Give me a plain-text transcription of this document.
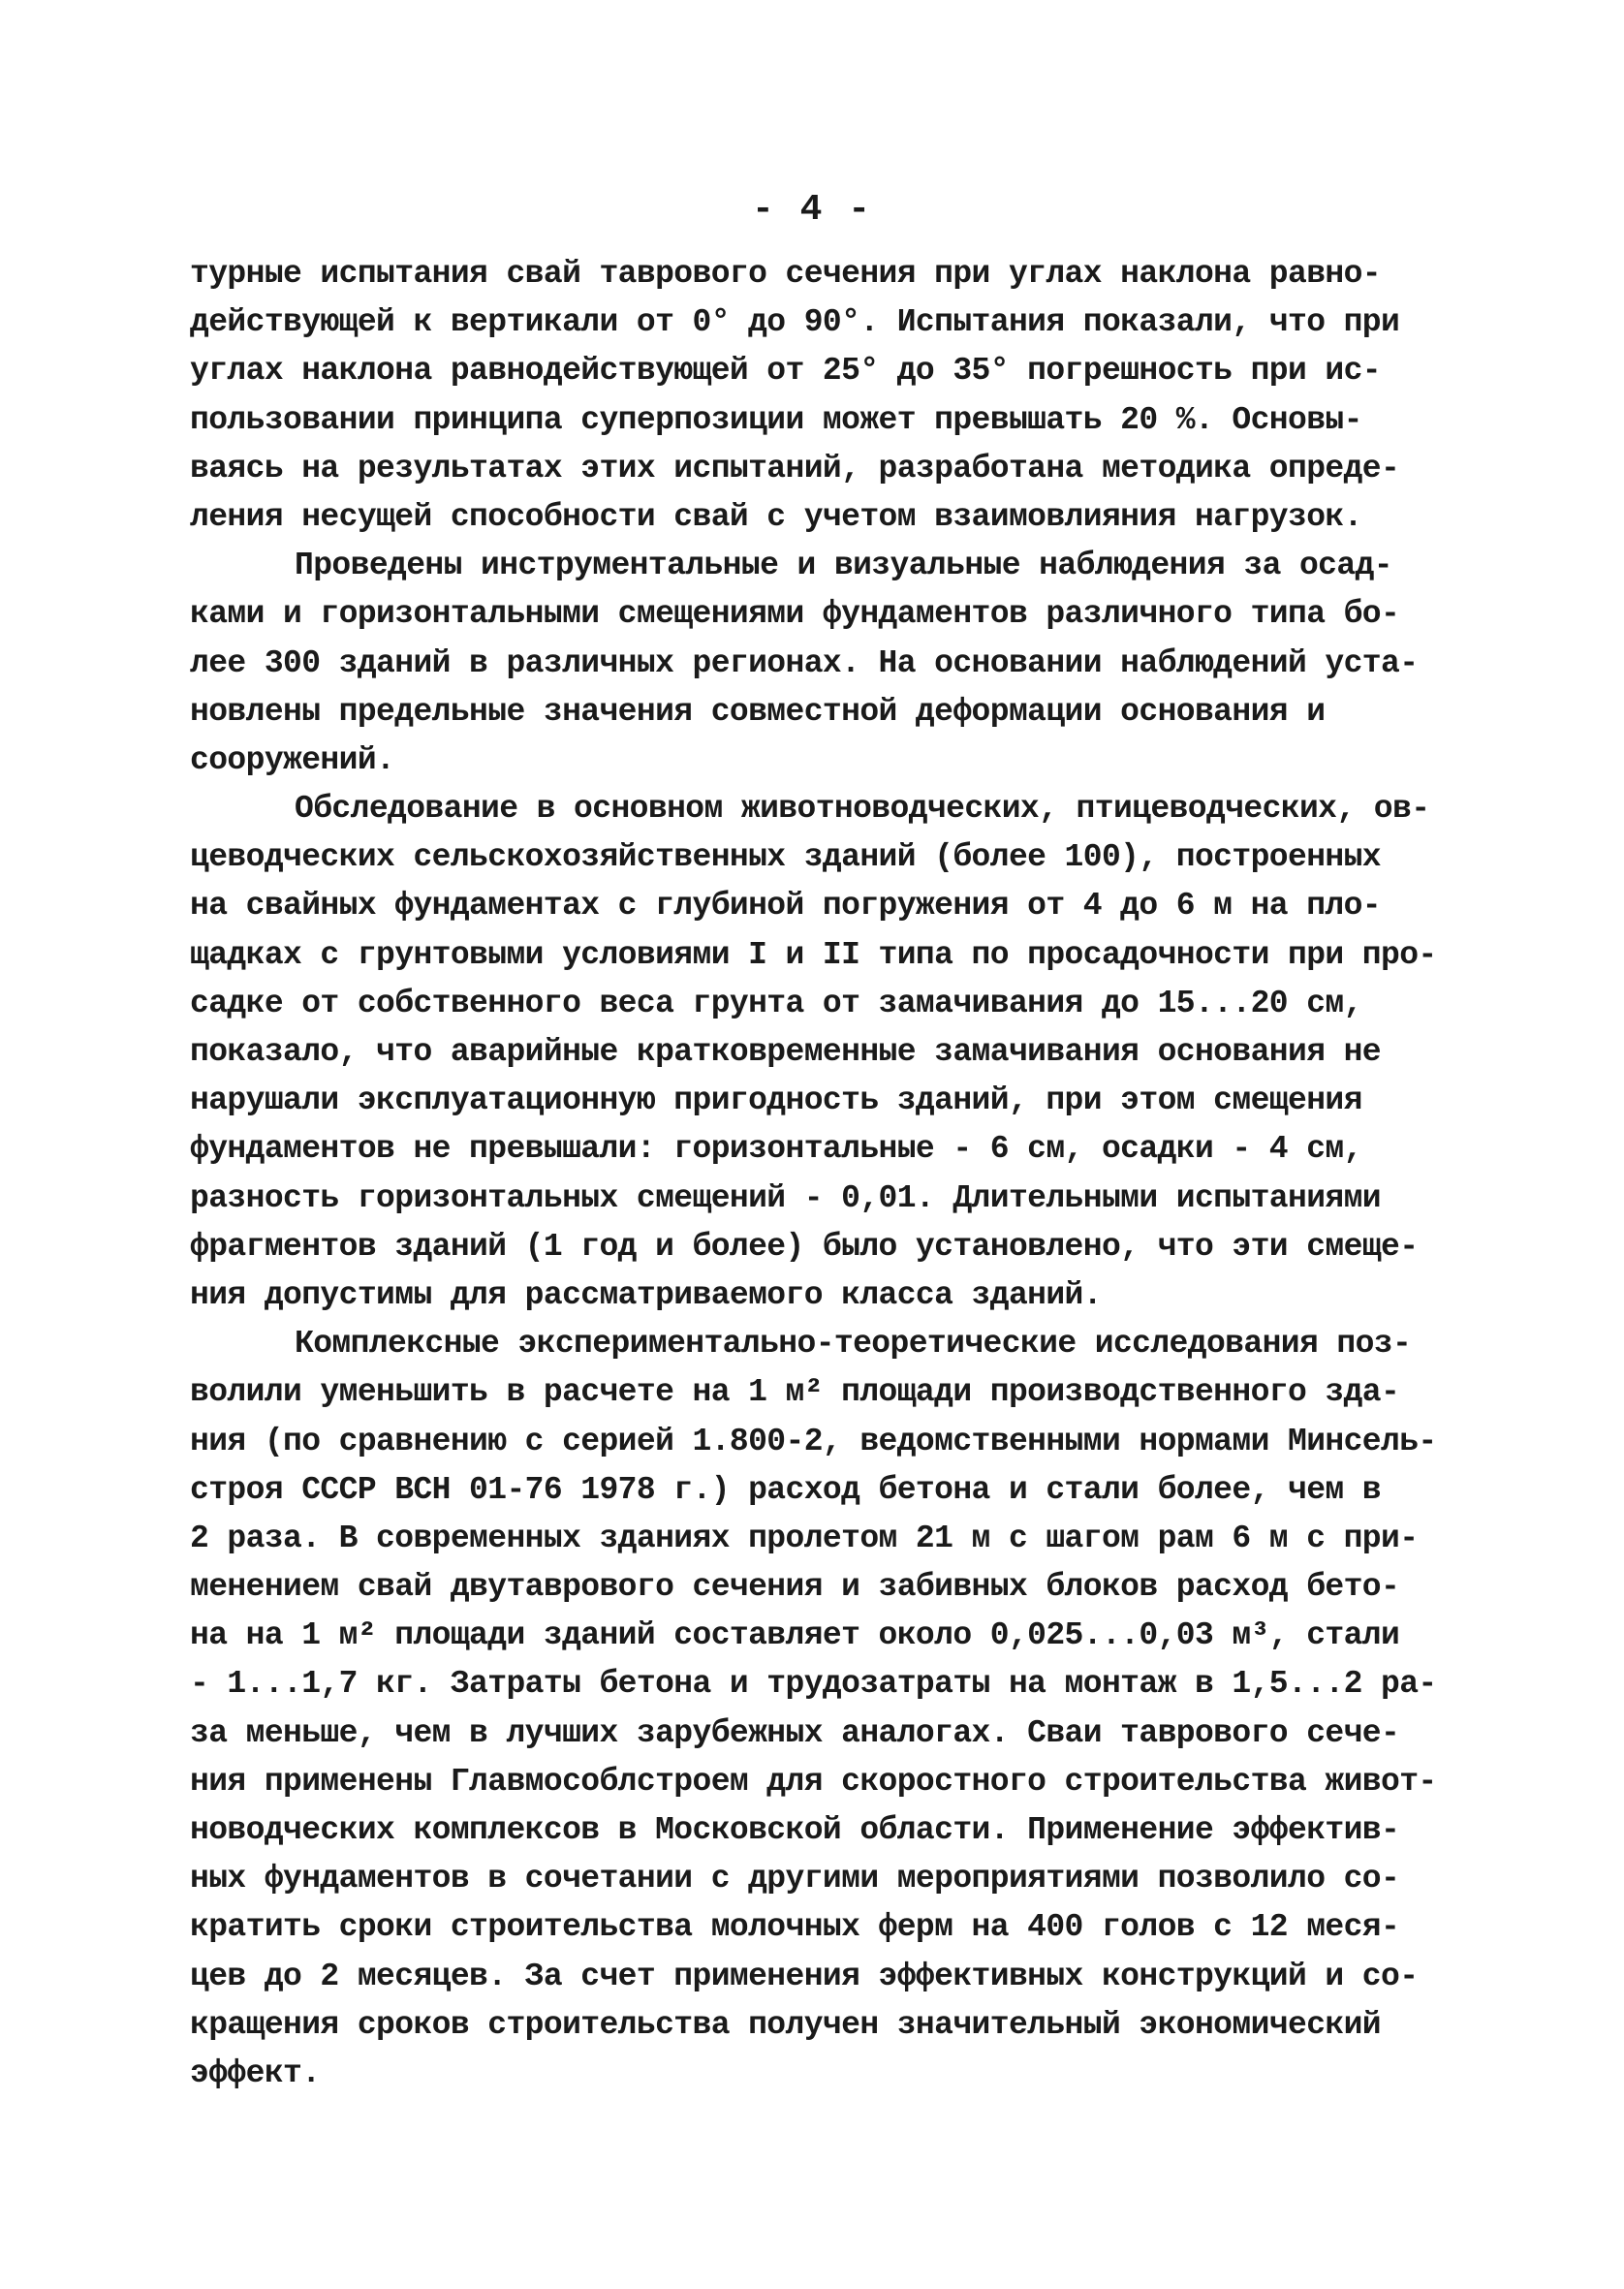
- 4 -
турные испытания свай таврового сечения при углах наклона равно-
действующей к вертикали от 0° до 90°. Испытания показали, что при
углах наклона равнодействующей от 25° до 35° погрешность при ис-
пользовании принципа суперпозиции может превышать 20 %. Основы-
ваясь на результатах этих испытаний, разработана методика опреде-
ления несущей способности свай с учетом взаимовлияния нагрузок.
Проведены инструментальные и визуальные наблюдения за осад-
ками и горизонтальными смещениями фундаментов различного типа бо-
лее 300 зданий в различных регионах. На основании наблюдений уста-
новлены предельные значения совместной деформации основания и
сооружений.
Обследование в основном животноводческих, птицеводческих, ов-
цеводческих сельскохозяйственных зданий (более 100), построенных
на свайных фундаментах с глубиной погружения от 4 до 6 м на пло-
щадках с грунтовыми условиями I и II типа по просадочности при про-
садке от собственного веса грунта от замачивания до 15...20 см,
показало, что аварийные кратковременные замачивания основания не
нарушали эксплуатационную пригодность зданий, при этом смещения
фундаментов не превышали: горизонтальные - 6 см, осадки - 4 см,
разность горизонтальных смещений - 0,01. Длительными испытаниями
фрагментов зданий (1 год и более) было установлено, что эти смеще-
ния допустимы для рассматриваемого класса зданий.
Комплексные экспериментально-теоретические исследования поз-
волили уменьшить в расчете на 1 м² площади производственного зда-
ния (по сравнению с серией 1.800-2, ведомственными нормами Минсель-
строя СССР ВСН 01-76 1978 г.) расход бетона и стали более, чем в
2 раза. В современных зданиях пролетом 21 м с шагом рам 6 м с при-
менением свай двутаврового сечения и забивных блоков расход бето-
на на 1 м² площади зданий составляет около 0,025...0,03 м³, стали
- 1...1,7 кг. Затраты бетона и трудозатраты на монтаж в 1,5...2 ра-
за меньше, чем в лучших зарубежных аналогах. Сваи таврового сече-
ния применены Главмособлстроем для скоростного строительства живот-
новодческих комплексов в Московской области. Применение эффектив-
ных фундаментов в сочетании с другими мероприятиями позволило со-
кратить сроки строительства молочных ферм на 400 голов с 12 меся-
цев до 2 месяцев. За счет применения эффективных конструкций и со-
кращения сроков строительства получен значительный экономический
эффект.
